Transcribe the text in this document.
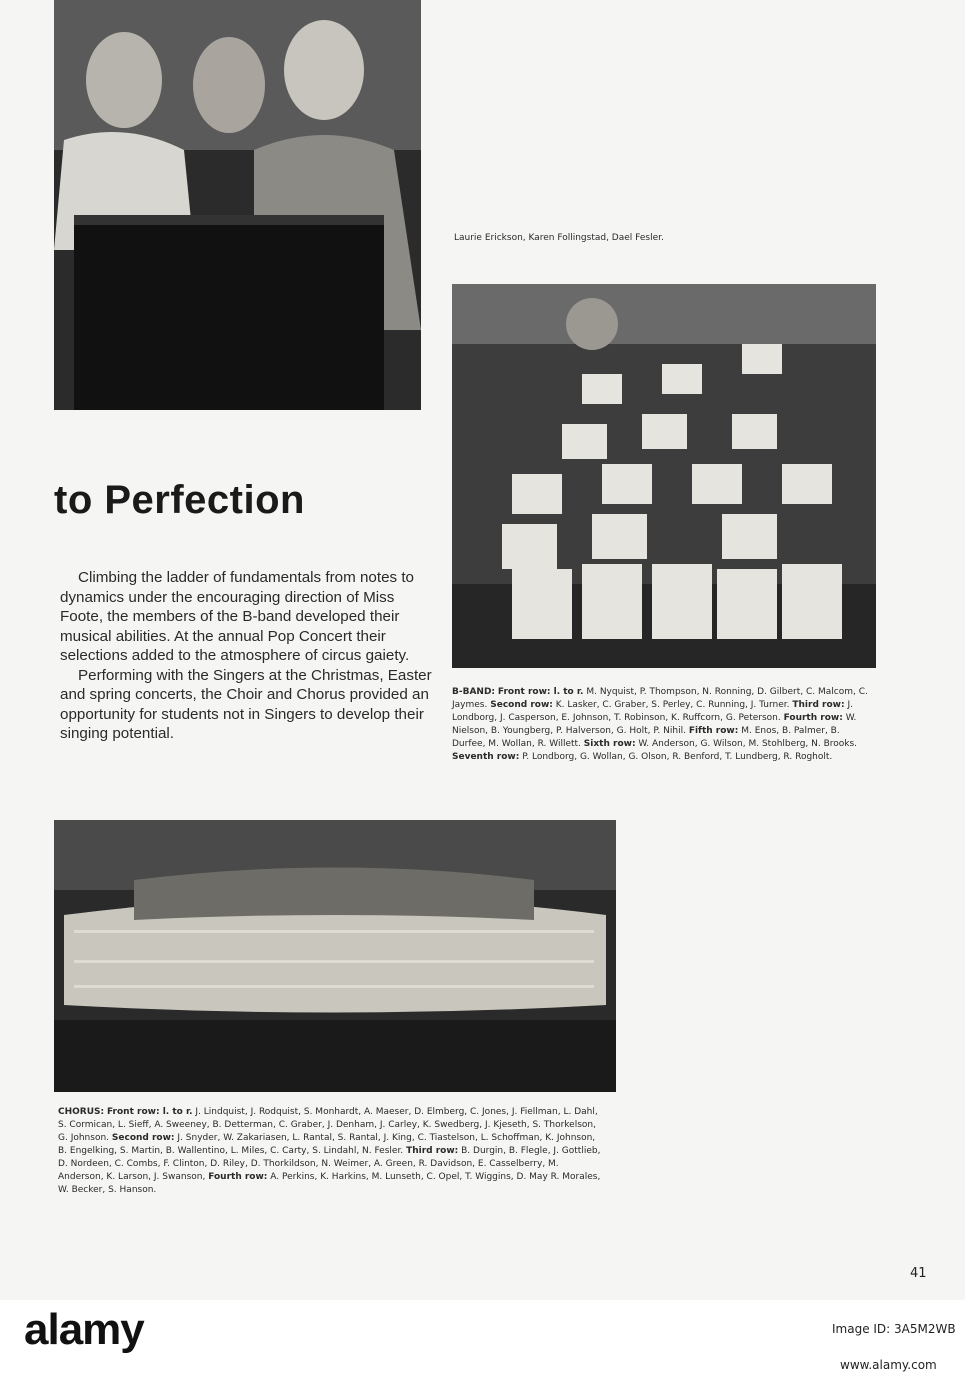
Laurie Erickson, Karen Follingstad, Dael Fesler.
to Perfection

Climbing the ladder of fundamentals from notes to dynamics under the encouraging direction of Miss Foote, the members of the B-band developed their musical abilities. At the annual Pop Concert their selections added to the atmosphere of circus gaiety.

Performing with the Singers at the Christmas, Easter and spring concerts, the Choir and Chorus provided an opportunity for students not in Singers to develop their singing potential.

B-BAND: Front row: l. to r. M. Nyquist, P. Thompson, N. Ronning, D. Gilbert, C. Malcom, C. Jaymes. Second row: K. Lasker, C. Graber, S. Perley, C. Running, J. Turner. Third row: J. Londborg, J. Casperson, E. Johnson, T. Robinson, K. Ruffcorn, G. Peterson. Fourth row: W. Nielson, B. Youngberg, P. Halverson, G. Holt, P. Nihil. Fifth row: M. Enos, B. Palmer, B. Durfee, M. Wollan, R. Willett. Sixth row: W. Anderson, G. Wilson, M. Stohlberg, N. Brooks. Seventh row: P. Londborg, G. Wollan, G. Olson, R. Benford, T. Lundberg, R. Rogholt.
CHORUS: Front row: l. to r. J. Lindquist, J. Rodquist, S. Monhardt, A. Maeser, D. Elmberg, C. Jones, J. Fiellman, L. Dahl, S. Cormican, L. Sieff, A. Sweeney, B. Detterman, C. Graber, J. Denham, J. Carley, K. Swedberg, J. Kjeseth, S. Thorkelson, G. Johnson. Second row: J. Snyder, W. Zakariasen, L. Rantal, S. Rantal, J. King, C. Tiastelson, L. Schoffman, K. Johnson, B. Engelking, S. Martin, B. Wallentino, L. Miles, C. Carty, S. Lindahl, N. Fesler. Third row: B. Durgin, B. Flegle, J. Gottlieb, D. Nordeen, C. Combs, F. Clinton, D. Riley, D. Thorkildson, N. Weimer, A. Green, R. Davidson, E. Casselberry, M. Anderson, K. Larson, J. Swanson, Fourth row: A. Perkins, K. Harkins, M. Lunseth, C. Opel, T. Wiggins, D. May R. Morales, W. Becker, S. Hanson.
41
alamy	Image ID: 3A5M2WB
www.alamy.com
